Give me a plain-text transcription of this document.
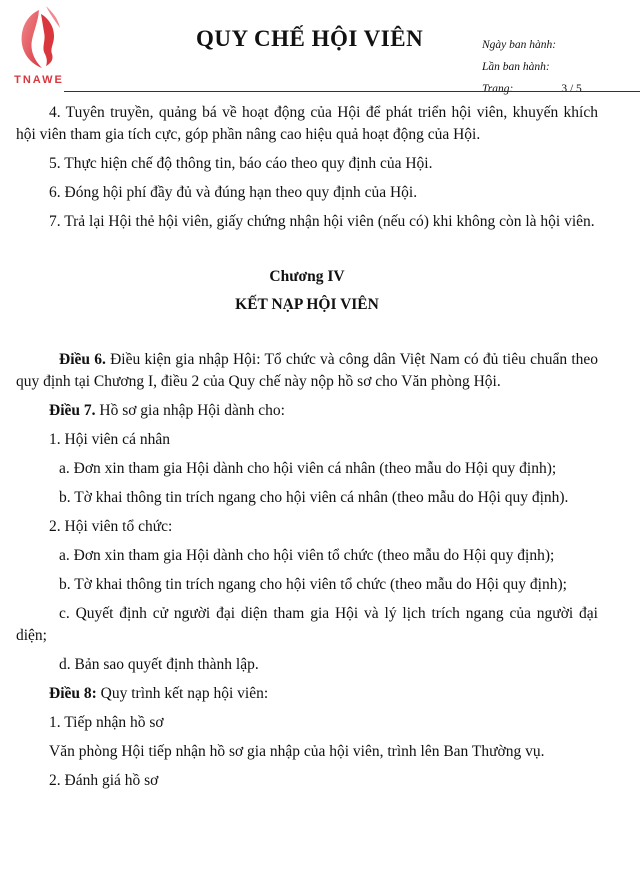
TNAWE
QUY CHẾ HỘI VIÊN	Ngày ban hành:
Lần ban hành:
Trang:	3 / 5

4. Tuyên truyền, quảng bá về hoạt động của Hội để phát triển hội viên, khuyến khích hội viên tham gia tích cực, góp phần nâng cao hiệu quả hoạt động của Hội.

5. Thực hiện chế độ thông tin, báo cáo theo quy định của Hội.

6. Đóng hội phí đầy đủ và đúng hạn theo quy định của Hội.

7. Trả lại Hội thẻ hội viên, giấy chứng nhận hội viên (nếu có) khi không còn là hội viên.

Chương IV

KẾT NẠP HỘI VIÊN

Điều 6. Điều kiện gia nhập Hội: Tổ chức và công dân Việt Nam có đủ tiêu chuẩn theo quy định tại Chương I, điều 2 của Quy chế này nộp hồ sơ cho Văn phòng Hội.

Điều 7. Hồ sơ gia nhập Hội dành cho:

1. Hội viên cá nhân

a. Đơn xin tham gia Hội dành cho hội viên cá nhân (theo mẫu do Hội quy định);

b. Tờ khai thông tin trích ngang cho hội viên cá nhân (theo mẫu do Hội quy định).

2. Hội viên tổ chức:

a. Đơn xin tham gia Hội dành cho hội viên tổ chức (theo mẫu do Hội quy định);

b. Tờ khai thông tin trích ngang cho hội viên tổ chức (theo mẫu do Hội quy định);

c. Quyết định cử người đại diện tham gia Hội và lý lịch trích ngang của người đại diện;

d. Bản sao quyết định thành lập.

Điều 8: Quy trình kết nạp hội viên:

1. Tiếp nhận hồ sơ

Văn phòng Hội tiếp nhận hồ sơ gia nhập của hội viên, trình lên Ban Thường vụ.

2. Đánh giá hồ sơ
